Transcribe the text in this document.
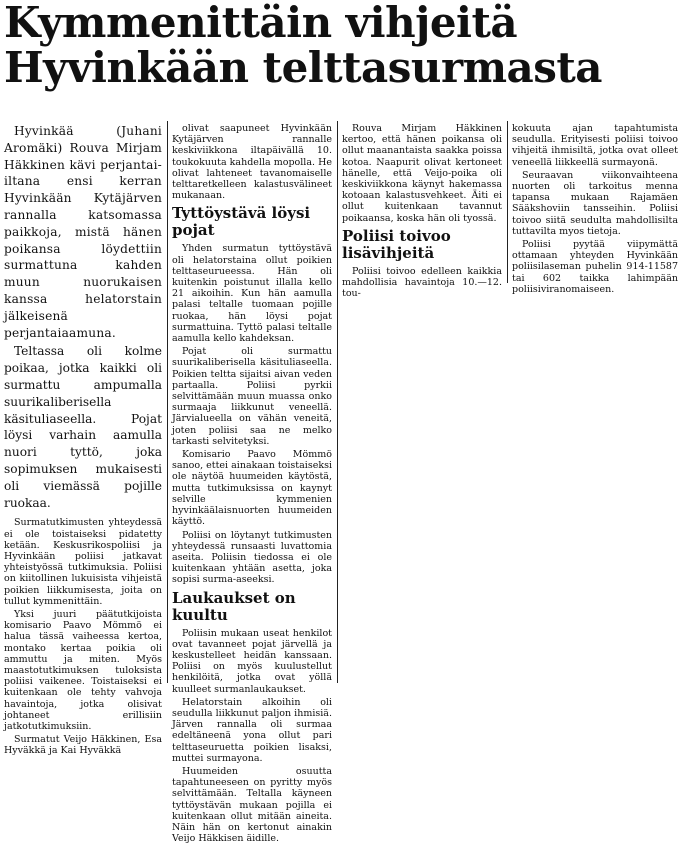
Kymmenittäin vihjeitä
Hyvinkään telttasurmasta

Hyvinkää (Juhani Aromäki) Rouva Mirjam Häkkinen kävi perjantai-iltana ensi kerran Hyvinkään Kytäjärven rannalla katsomassa paikkoja, mistä hänen poikansa löydettiin surmattuna kahden muun nuorukaisen kanssa helatorstain jälkeisenä perjantaiaamuna.

Teltassa oli kolme poikaa, jotka kaikki oli surmattu ampumalla suurikaliberisella käsituliaseella. Pojat löysi varhain aamulla nuori tyttö, joka sopimuksen mukaisesti oli viemässä pojille ruokaa.

Surmatutkimusten yhteydessä ei ole toistaiseksi pidatetty ketään. Keskusrikospoliisi ja Hyvinkään poliisi jatkavat yhteistyössä tutkimuksia. Poliisi on kiitollinen lukuisista vihjeistä poikien liikkumisesta, joita on tullut kymmenittäin.

Yksi juuri päätutkijoista komisario Paavo Mömmö ei halua tässä vaiheessa kertoa, montako kertaa poikia oli ammuttu ja miten. Myös maastotutkimuksen tuloksista poliisi vaikenee. Toistaiseksi ei kuitenkaan ole tehty vahvoja havaintoja, jotka olisivat johtaneet erillisiin jatkotutkimuksiin.

Surmatut Veijo Häkkinen, Esa Hyväkkä ja Kai Hyväkkä

olivat saapuneet Hyvinkään Kytäjärven rannalle keskiviikkona iltapäivällä 10. toukokuuta kahdella mopolla. He olivat lahteneet tavanomaiselle telttaretkelleen kalastusvälineet mukanaan.

Tyttöystävä löysi pojat

Yhden surmatun tyttöystävä oli helatorstaina ollut poikien telttaseurueessa. Hän oli kuitenkin poistunut illalla kello 21 aikoihin. Kun hän aamulla palasi teltalle tuomaan pojille ruokaa, hän löysi pojat surmattuina. Tyttö palasi teltalle aamulla kello kahdeksan.

Pojat oli surmattu suurikaliberisella käsituliaseella. Poikien teltta sijaitsi aivan veden partaalla. Poliisi pyrkii selvittämään muun muassa onko surmaaja liikkunut veneellä. Järvialueella on vähän veneitä, joten poliisi saa ne melko tarkasti selvitetyksi.

Komisario Paavo Mömmö sanoo, ettei ainakaan toistaiseksi ole näytöä huumeiden käytöstä, mutta tutkimuksissa on kaynyt selville kymmenien hyvinkäälaisnuorten huumeiden käyttö.

Poliisi on löytanyt tutkimusten yhteydessä runsaasti luvattomia aseita. Poliisin tiedossa ei ole kuitenkaan yhtään asetta, joka sopisi surma-aseeksi.

Laukaukset on kuultu

Poliisin mukaan useat henkilot ovat tavanneet pojat järvellä ja keskustelleet heidän kanssaan. Poliisi on myös kuulustellut henkilöitä, jotka ovat yöllä kuulleet surmanlaukaukset.

Helatorstain alkoihin oli seudulla liikkunut paljon ihmisiä. Järven rannalla oli surmaa edeltäneenä yona ollut pari telttaseuruetta poikien lisaksi, muttei surmayona.

Huumeiden osuutta tapahtuneeseen on pyritty myös selvittämään. Teltalla käyneen tyttöystävän mukaan pojilla ei kuitenkaan ollut mitään aineita. Näin hän on kertonut ainakin Veijo Häkkisen äidille.

Rouva Mirjam Häkkinen kertoo, että hänen poikansa oli ollut maanantaista saakka poissa kotoa. Naapurit olivat kertoneet hänelle, että Veijo-poika oli keskiviikkona käynyt hakemassa kotoaan kalastusvehkeet. Äiti ei ollut kuitenkaan tavannut poikaansa, koska hän oli tyossä.

Poliisi toivoo lisävihjeitä

Poliisi toivoo edelleen kaikkia mahdollisia havaintoja 10.—12. tou-

kokuuta ajan tapahtumista seudulla. Erityisesti poliisi toivoo vihjeitä ihmisiltä, jotka ovat olleet veneellä liikkeellä surmayonä.

Seuraavan viikonvaihteena nuorten oli tarkoitus menna tapansa mukaan Rajamäen Sääkshoviin tansseihin. Poliisi toivoo siitä seudulta mahdollisilta tuttavilta myos tietoja.

Poliisi pyytää viipymättä ottamaan yhteyden Hyvinkään poliisilaseman puhelin 914-11587 tai 602 taikka lahimpään poliisiviranomaiseen.
